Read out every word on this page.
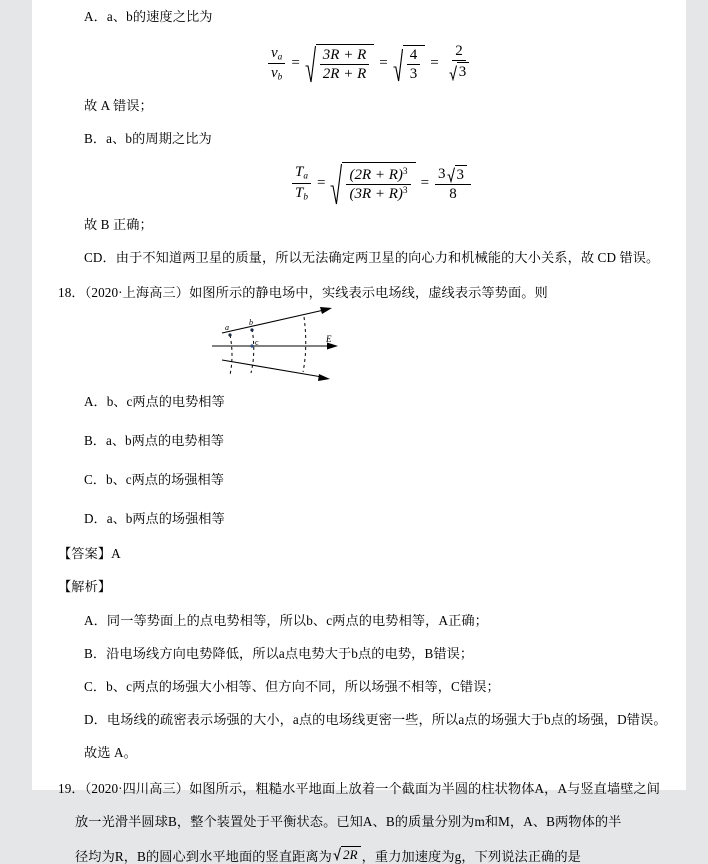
A．a、b的速度之比为
$\frac{v_a}{v_b} = \frac{3R + R}{2R + R} = \frac{4}{3} = \frac{2}{3}$
故 A 错误；
B．a、b的周期之比为
$\frac{T_a}{T_b} = \frac{(2R + R)^3}{(3R + R)^3}$ =
3 3
8
故 B 正确；
CD．由于不知道两卫星的质量，所以无法确定两卫星的向心力和机械能的大小关系，故 CD 错误。
18．（2020·上海高三）如图所示的静电场中，实线表示电场线，虚线表示等势面。则
a
b
c	E
A．b、c两点的电势相等
B．a、b两点的电势相等
C．b、c两点的场强相等
D．a、b两点的场强相等
【答案】A
【解析】
A．同一等势面上的点电势相等，所以b、c两点的电势相等，A正确；
B．沿电场线方向电势降低，所以a点电势大于b点的电势，B错误；
C．b、c两点的场强大小相等、但方向不同，所以场强不相等，C错误；
D．电场线的疏密表示场强的大小，a点的电场线更密一些，所以a点的场强大于b点的场强，D错误。
故选 A。
19．（2020·四川高三）如图所示，粗糙水平地面上放着一个截面为半圆的柱状物体A，A与竖直墙壁之间
放一光滑半圆球B，整个装置处于平衡状态。已知A、B的质量分别为m和M，A、B两物体的半
径均为R，B的圆心到水平地面的竖直距离为 2R ，重力加速度为g，下列说法正确的是
